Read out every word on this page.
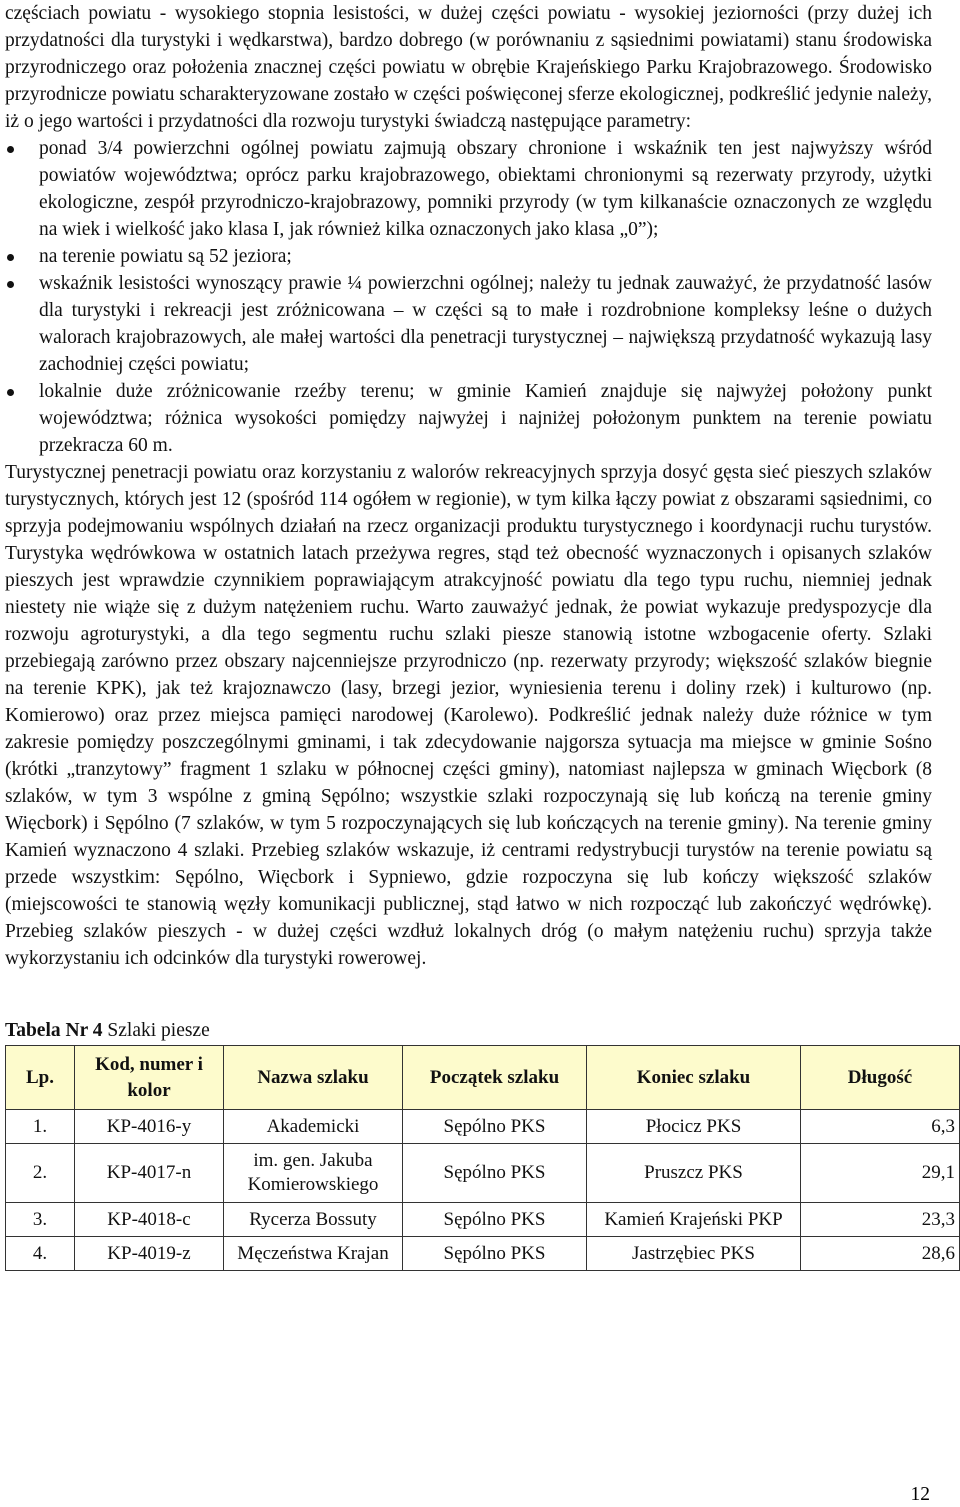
częściach powiatu - wysokiego stopnia lesistości, w dużej części powiatu - wysokiej jeziorności (przy dużej ich przydatności dla turystyki i wędkarstwa), bardzo dobrego (w porównaniu z sąsiednimi powiatami) stanu środowiska przyrodniczego oraz położenia znacznej części powiatu w obrębie Krajeńskiego Parku Krajobrazowego. Środowisko przyrodnicze powiatu scharakteryzowane zostało w części poświęconej sferze ekologicznej, podkreślić jedynie należy, iż o jego wartości i przydatności dla rozwoju turystyki świadczą następujące parametry:

ponad 3/4 powierzchni ogólnej powiatu zajmują obszary chronione i wskaźnik ten jest najwyższy wśród powiatów województwa; oprócz parku krajobrazowego, obiektami chronionymi są rezerwaty przyrody, użytki ekologiczne, zespół przyrodniczo-krajobrazowy, pomniki przyrody (w tym kilkanaście oznaczonych ze względu na wiek i wielkość jako klasa I, jak również kilka oznaczonych jako klasa „0”);
na terenie powiatu są 52 jeziora;
wskaźnik lesistości wynoszący prawie ¼ powierzchni ogólnej; należy tu jednak zauważyć, że przydatność lasów dla turystyki i rekreacji jest zróżnicowana – w części są to małe i rozdrobnione kompleksy leśne o dużych walorach krajobrazowych, ale małej wartości dla penetracji turystycznej – największą przydatność wykazują lasy zachodniej części powiatu;
lokalnie duże zróżnicowanie rzeźby terenu; w gminie Kamień znajduje się najwyżej położony punkt województwa; różnica wysokości pomiędzy najwyżej i najniżej położonym punktem na terenie powiatu przekracza 60 m.

Turystycznej penetracji powiatu oraz korzystaniu z walorów rekreacyjnych sprzyja dosyć gęsta sieć pieszych szlaków turystycznych, których jest 12 (spośród 114 ogółem w regionie), w tym kilka łączy powiat z obszarami sąsiednimi, co sprzyja podejmowaniu wspólnych działań na rzecz organizacji produktu turystycznego i koordynacji ruchu turystów. Turystyka wędrówkowa w ostatnich latach przeżywa regres, stąd też obecność wyznaczonych i opisanych szlaków pieszych jest wprawdzie czynnikiem poprawiającym atrakcyjność powiatu dla tego typu ruchu, niemniej jednak niestety nie wiąże się z dużym natężeniem ruchu. Warto zauważyć jednak, że powiat wykazuje predyspozycje dla rozwoju agroturystyki, a dla tego segmentu ruchu szlaki piesze stanowią istotne wzbogacenie oferty. Szlaki przebiegają zarówno przez obszary najcenniejsze przyrodniczo (np. rezerwaty przyrody; większość szlaków biegnie na terenie KPK), jak też krajoznawczo (lasy, brzegi jezior, wyniesienia terenu i doliny rzek) i kulturowo (np. Komierowo) oraz przez miejsca pamięci narodowej (Karolewo). Podkreślić jednak należy duże różnice w tym zakresie pomiędzy poszczególnymi gminami, i tak zdecydowanie najgorsza sytuacja ma miejsce w gminie Sośno (krótki „tranzytowy” fragment 1 szlaku w północnej części gminy), natomiast najlepsza w gminach Więcbork (8 szlaków, w tym 3 wspólne z gminą Sępólno; wszystkie szlaki rozpoczynają się lub kończą na terenie gminy Więcbork) i Sępólno (7 szlaków, w tym 5 rozpoczynających się lub kończących na terenie gminy). Na terenie gminy Kamień wyznaczono 4 szlaki. Przebieg szlaków wskazuje, iż centrami redystrybucji turystów na terenie powiatu są przede wszystkim: Sępólno, Więcbork i Sypniewo, gdzie rozpoczyna się lub kończy większość szlaków (miejscowości te stanowią węzły komunikacji publicznej, stąd łatwo w nich rozpocząć lub zakończyć wędrówkę). Przebieg szlaków pieszych - w dużej części wzdłuż lokalnych dróg (o małym natężeniu ruchu) sprzyja także wykorzystaniu ich odcinków dla turystyki rowerowej.

Tabela Nr 4 Szlaki piesze
Lp.	Kod, numer i kolor	Nazwa szlaku	Początek szlaku	Koniec szlaku	Długość
1.	KP-4016-y	Akademicki	Sępólno PKS	Płocicz PKS	6,3
2.	KP-4017-n	im. gen. Jakuba Komierowskiego	Sępólno PKS	Pruszcz PKS	29,1
3.	KP-4018-c	Rycerza Bossuty	Sępólno PKS	Kamień Krajeński PKP	23,3
4.	KP-4019-z	Męczeństwa Krajan	Sępólno PKS	Jastrzębiec PKS	28,6
12
